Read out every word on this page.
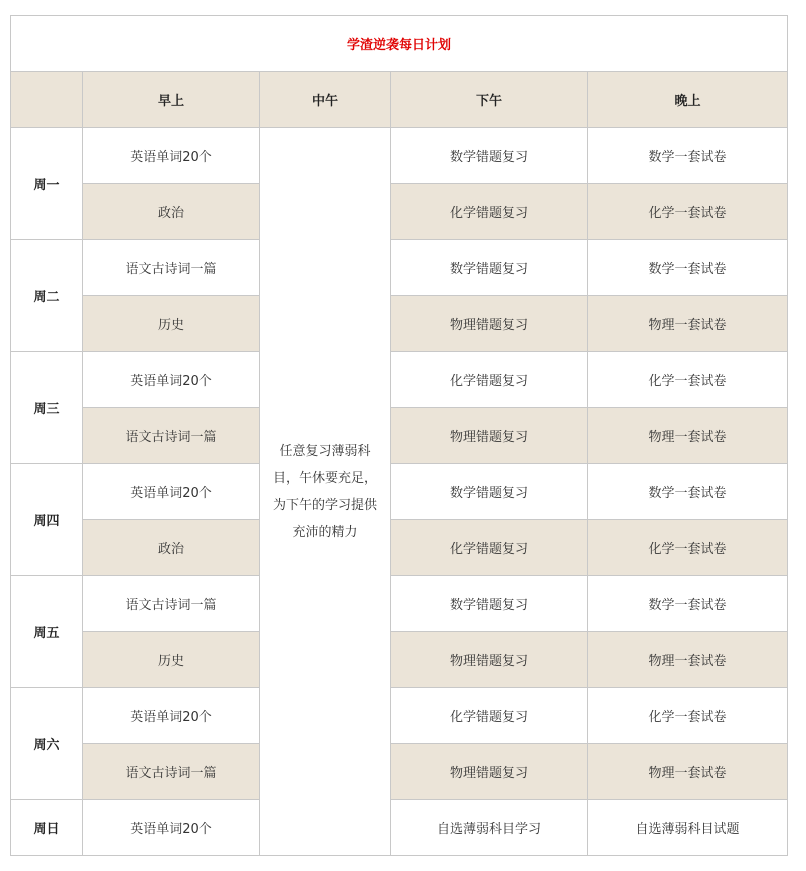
学渣逆袭每日计划				
	早上	中午	下午	晚上
周一	英语单词20个	任意复习薄弱科目，午休要充足，为下午的学习提供充沛的精力	数学错题复习	数学一套试卷
	政治		化学错题复习	化学一套试卷
周二	语文古诗词一篇		数学错题复习	数学一套试卷
	历史		物理错题复习	物理一套试卷
周三	英语单词20个		化学错题复习	化学一套试卷
	语文古诗词一篇		物理错题复习	物理一套试卷
周四	英语单词20个		数学错题复习	数学一套试卷
	政治		化学错题复习	化学一套试卷
周五	语文古诗词一篇		数学错题复习	数学一套试卷
	历史		物理错题复习	物理一套试卷
周六	英语单词20个		化学错题复习	化学一套试卷
	语文古诗词一篇		物理错题复习	物理一套试卷
周日	英语单词20个		自选薄弱科目学习	自选薄弱科目试题
